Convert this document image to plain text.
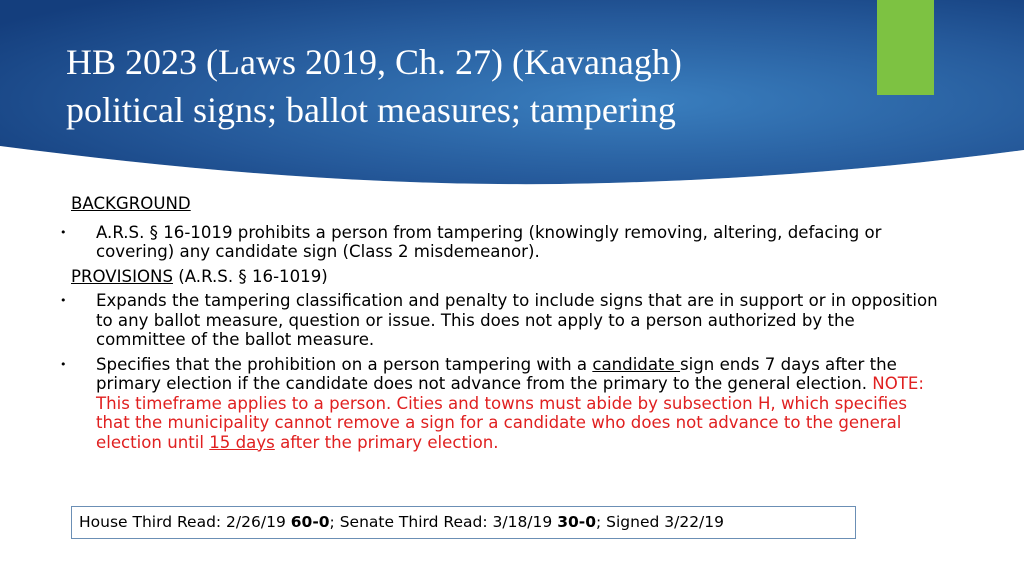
HB 2023 (Laws 2019, Ch. 27) (Kavanagh)
political signs; ballot measures; tampering
BACKGROUND
• A.R.S. § 16-1019 prohibits a person from tampering (knowingly removing, altering, defacing or covering) any candidate sign (Class 2 misdemeanor).
PROVISIONS (A.R.S. § 16-1019)
• Expands the tampering classification and penalty to include signs that are in support or in opposition to any ballot measure, question or issue. This does not apply to a person authorized by the committee of the ballot measure.
• Specifies that the prohibition on a person tampering with a candidate sign ends 7 days after the primary election if the candidate does not advance from the primary to the general election. NOTE: This timeframe applies to a person. Cities and towns must abide by subsection H, which specifies that the municipality cannot remove a sign for a candidate who does not advance to the general election until 15 days after the primary election.
House Third Read: 2/26/19 60-0; Senate Third Read: 3/18/19 30-0; Signed 3/22/19
